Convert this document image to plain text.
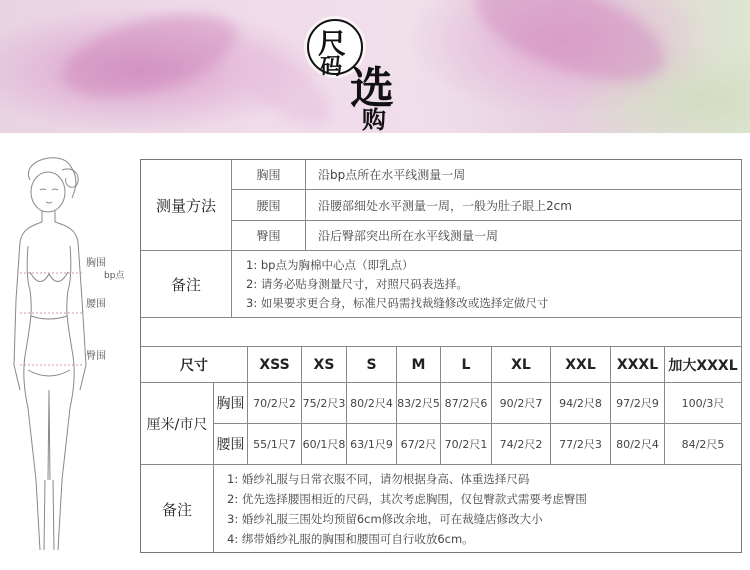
尺
码 选
购
胸围
bp点
腰围
臀围
测量方法
胸围	沿bp点所在水平线测量一周
腰围	沿腰部细处水平测量一周，一般为肚子眼上2cm
臀围	沿后臀部突出所在水平线测量一周
备注
1: bp点为胸棉中心点（即乳点）
2: 请务必贴身测量尺寸，对照尺码表选择。
3: 如果要求更合身，标准尺码需找裁缝修改或选择定做尺寸
尺寸	XSS	XS	S	M	L	XL	XXL	XXXL 加大XXXL
厘米/市尺
胸围 70/2尺2 75/2尺3 80/2尺4 83/2尺5 87/2尺6	90/2尺7	94/2尺8	97/2尺9	100/3尺
腰围 55/1尺7 60/1尺8 63/1尺9 67/2尺 70/2尺1	74/2尺2	77/2尺3	80/2尺4	84/2尺5
备注
1: 婚纱礼服与日常衣服不同，请勿根据身高、体重选择尺码
2: 优先选择腰围相近的尺码，其次考虑胸围，仅包臀款式需要考虑臀围
3: 婚纱礼服三围处均预留6cm修改余地，可在裁缝店修改大小
4: 绑带婚纱礼服的胸围和腰围可自行收放6cm。
